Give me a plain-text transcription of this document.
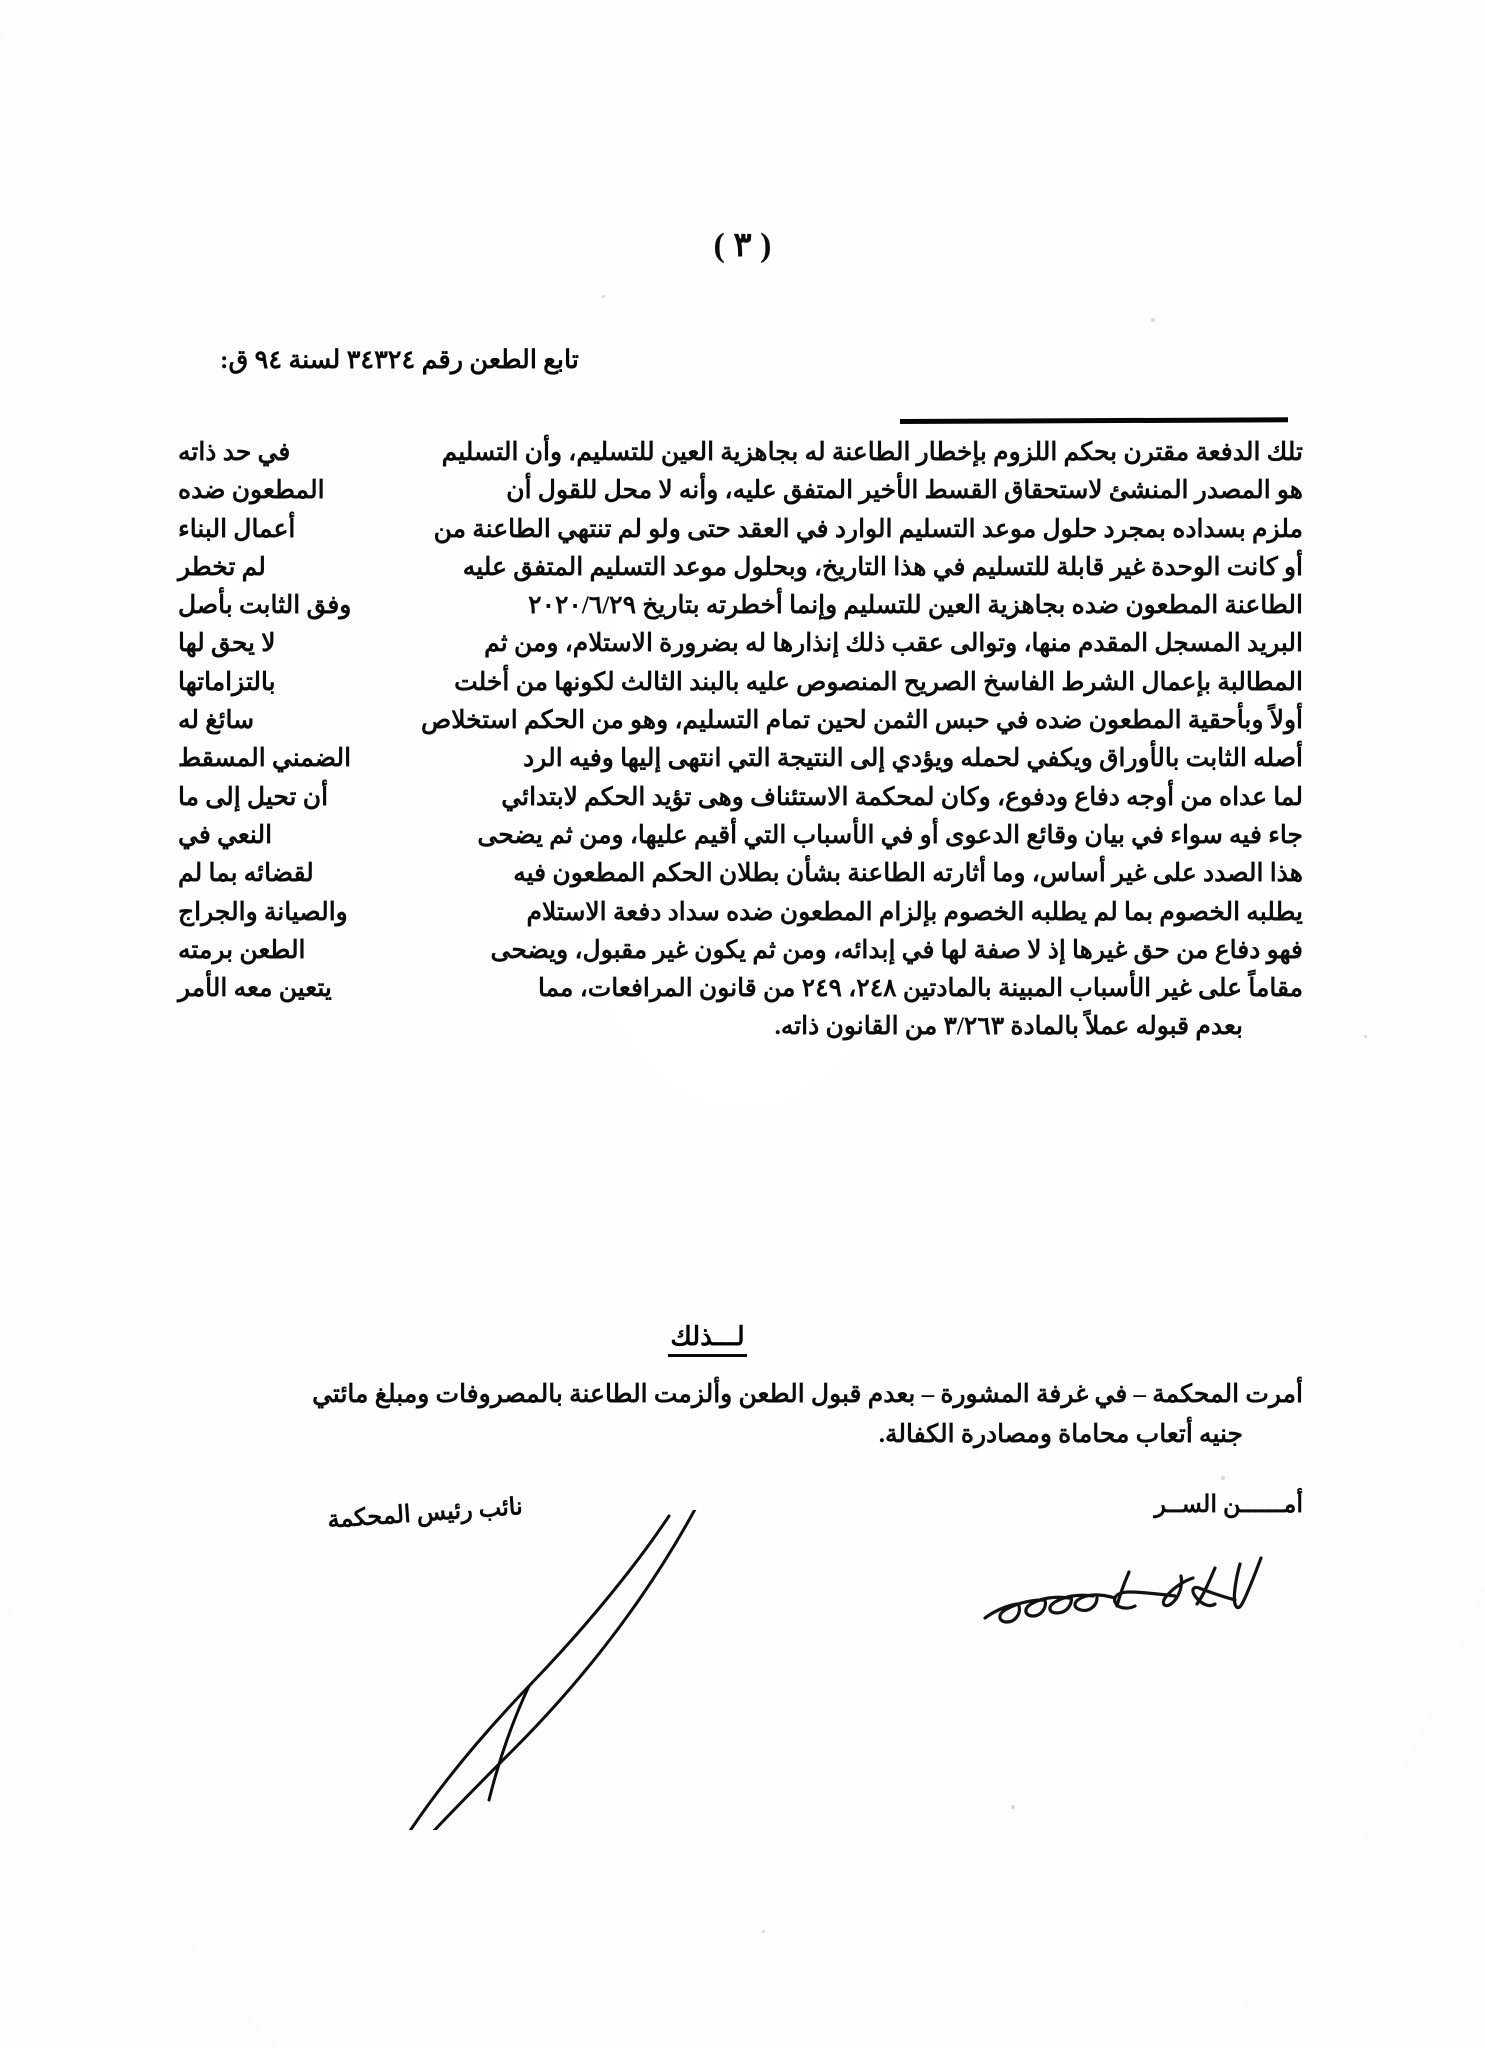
( ٣ )
تابع الطعن رقم ٣٤٣٢٤ لسنة ٩٤ ق:
تلك الدفعة مقترن بحكم اللزوم بإخطار الطاعنة له بجاهزية العين للتسليم، وأن التسليم
في حد ذاته
هو المصدر المنشئ لاستحقاق القسط الأخير المتفق عليه، وأنه لا محل للقول أن
المطعون ضده
ملزم بسداده بمجرد حلول موعد التسليم الوارد في العقد حتى ولو لم تنتهي الطاعنة من
أعمال البناء
أو كانت الوحدة غير قابلة للتسليم في هذا التاريخ، وبحلول موعد التسليم المتفق عليه
لم تخطر
الطاعنة المطعون ضده بجاهزية العين للتسليم وإنما أخطرته بتاريخ ٢٠٢٠/٦/٢٩
وفق الثابت بأصل
البريد المسجل المقدم منها، وتوالى عقب ذلك إنذارها له بضرورة الاستلام، ومن ثم
لا يحق لها
المطالبة بإعمال الشرط الفاسخ الصريح المنصوص عليه بالبند الثالث لكونها من أخلت
بالتزاماتها
أولاً وبأحقية المطعون ضده في حبس الثمن لحين تمام التسليم، وهو من الحكم استخلاص
سائغ له
أصله الثابت بالأوراق ويكفي لحمله ويؤدي إلى النتيجة التي انتهى إليها وفيه الرد
الضمني المسقط
لما عداه من أوجه دفاع ودفوع، وكان لمحكمة الاستئناف وهى تؤيد الحكم لابتدائي
أن تحيل إلى ما
جاء فيه سواء في بيان وقائع الدعوى أو في الأسباب التي أقيم عليها، ومن ثم يضحى
النعي في
هذا الصدد على غير أساس، وما أثارته الطاعنة بشأن بطلان الحكم المطعون فيه
لقضائه بما لم
يطلبه الخصوم بما لم يطلبه الخصوم بإلزام المطعون ضده سداد دفعة الاستلام
والصيانة والجراج
فهو دفاع من حق غيرها إذ لا صفة لها في إبدائه، ومن ثم يكون غير مقبول، ويضحى
الطعن برمته
مقاماً على غير الأسباب المبينة بالمادتين ٢٤٨، ٢٤٩ من قانون المرافعات، مما
يتعين معه الأمر
بعدم قبوله عملاً بالمادة ٣/٢٦٣ من القانون ذاته.
لـــذلك
أمرت المحكمة – في غرفة المشورة – بعدم قبول الطعن وألزمت الطاعنة بالمصروفات ومبلغ مائتي
جنيه أتعاب محاماة ومصادرة الكفالة.
أمــــــن الســر
نائب رئيس المحكمة
